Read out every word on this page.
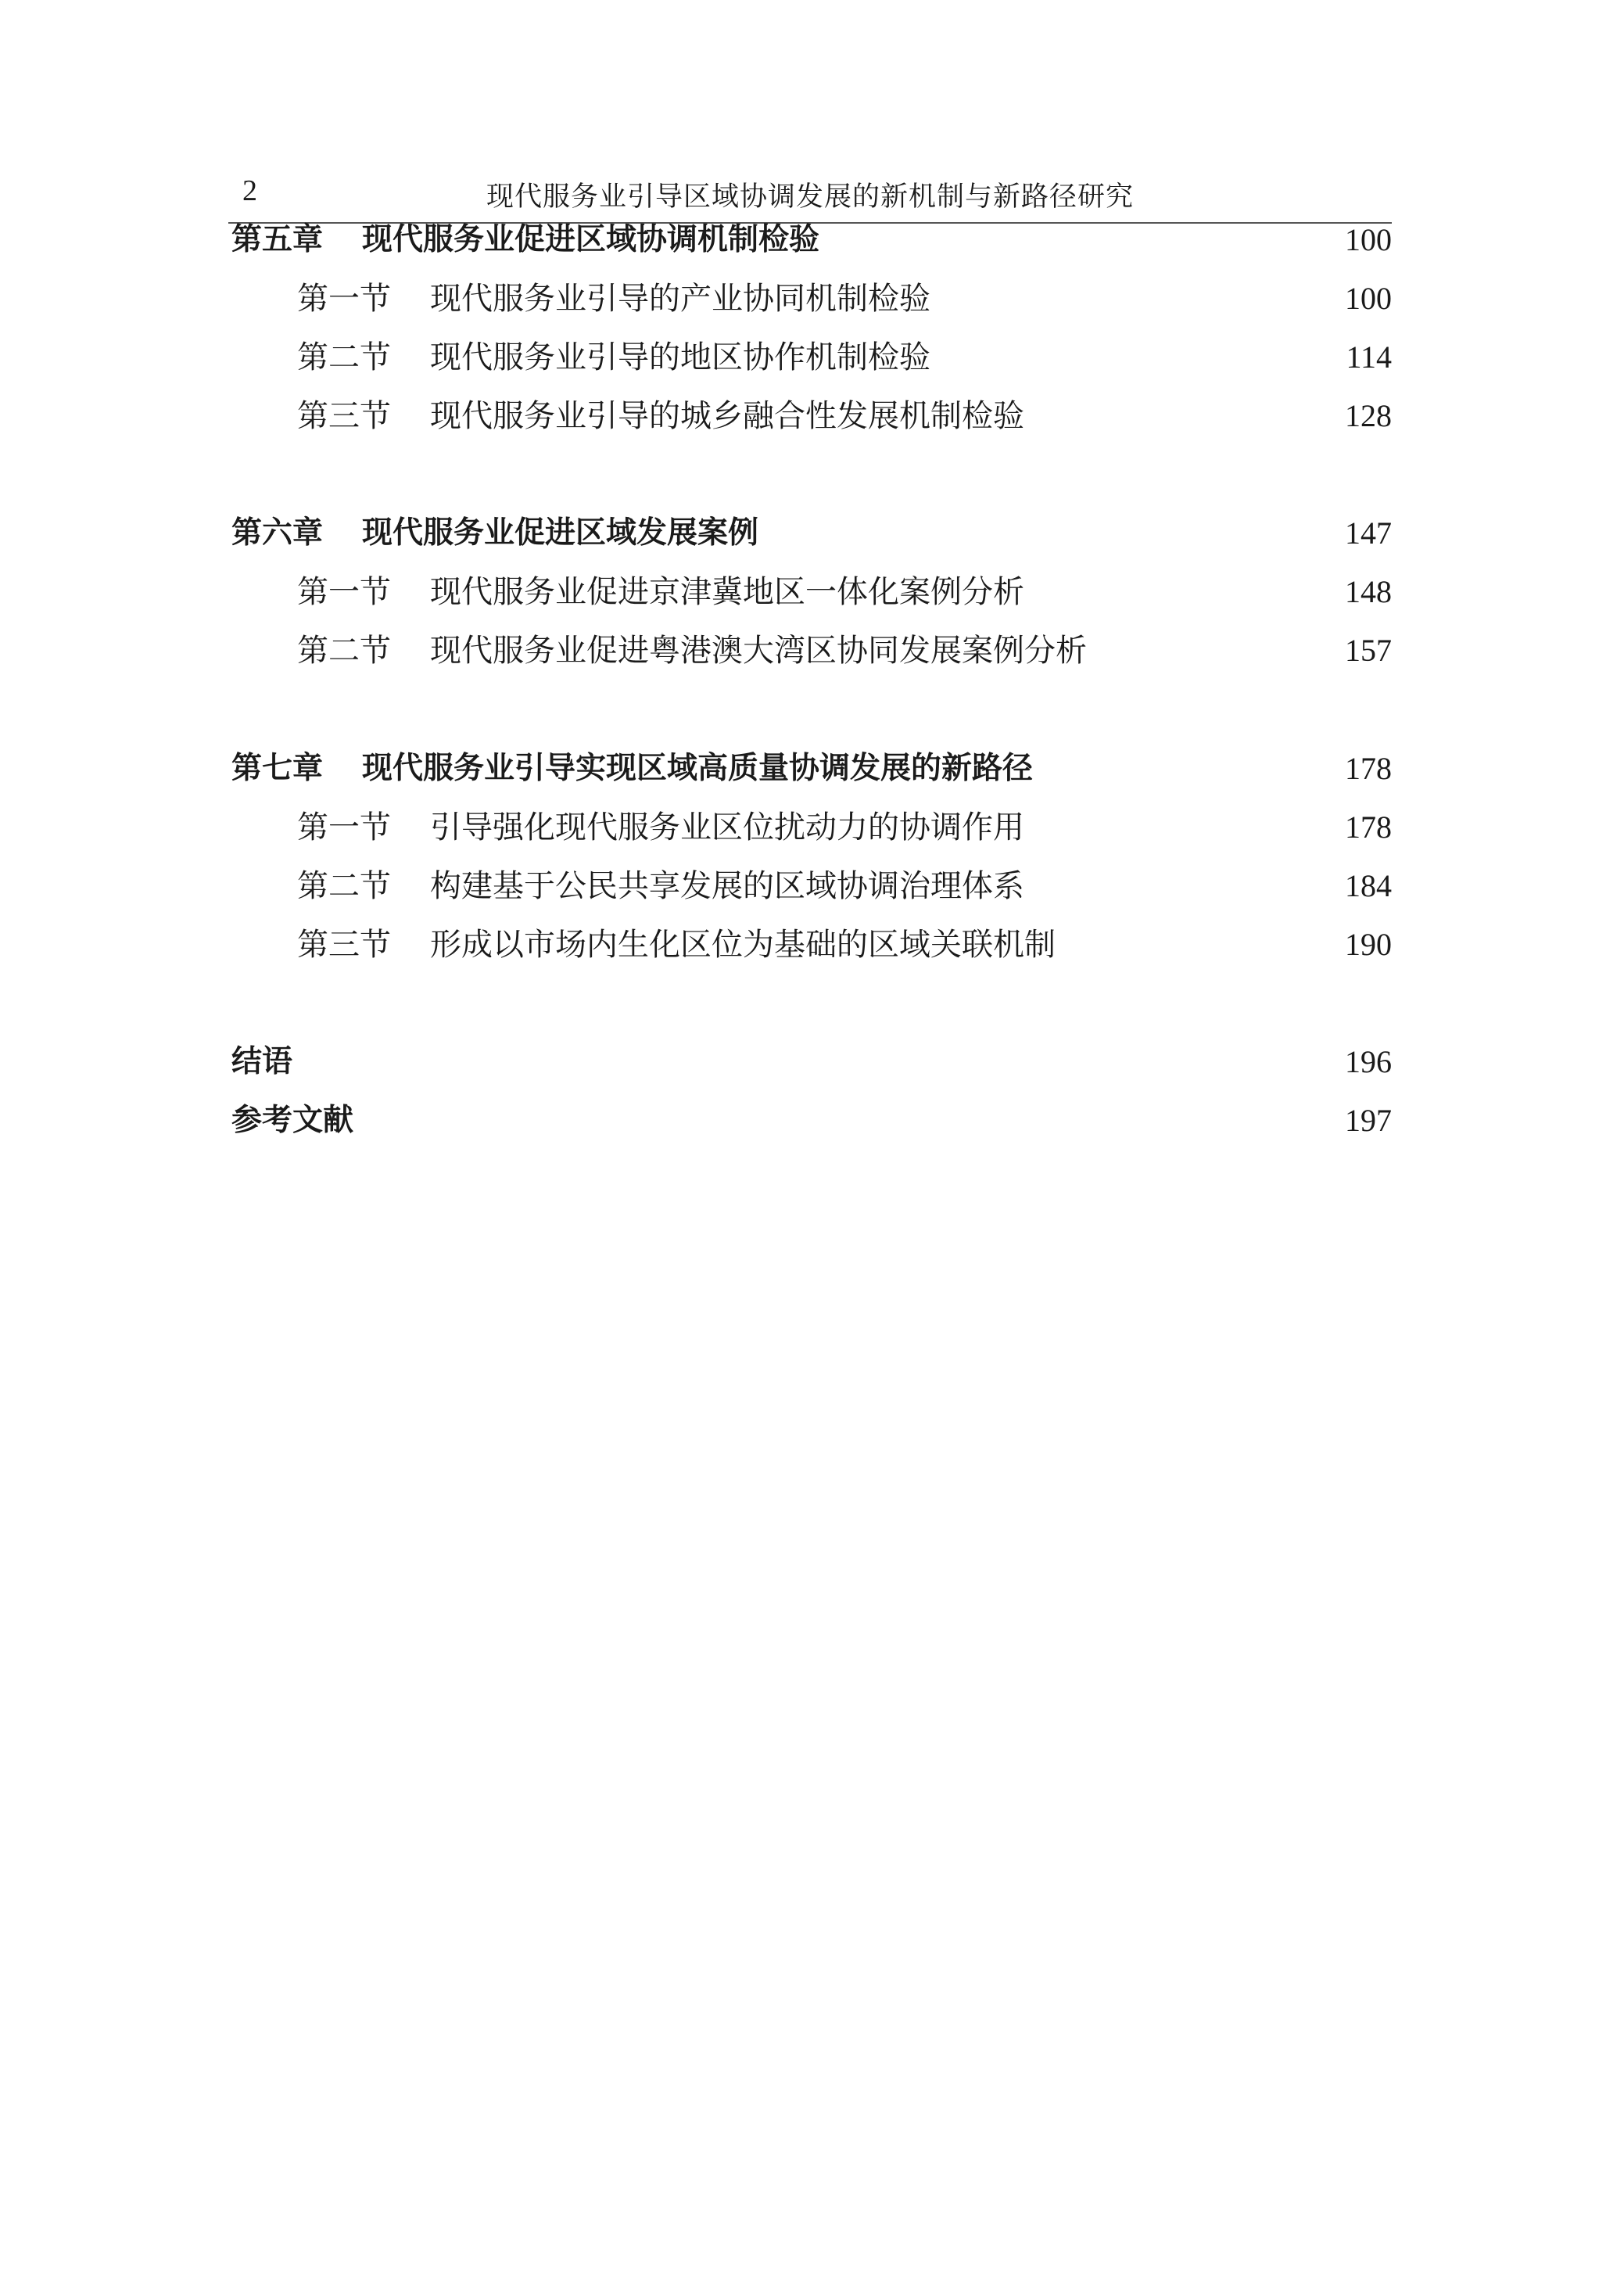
2	现代服务业引导区域协调发展的新机制与新路径研究
第五章 现代服务业促进区域协调机制检验	100
第一节 现代服务业引导的产业协同机制检验	100
第二节 现代服务业引导的地区协作机制检验	114
第三节 现代服务业引导的城乡融合性发展机制检验	128
第六章 现代服务业促进区域发展案例	147
第一节 现代服务业促进京津冀地区一体化案例分析	148
第二节 现代服务业促进粤港澳大湾区协同发展案例分析	157
第七章 现代服务业引导实现区域高质量协调发展的新路径	178
第一节 引导强化现代服务业区位扰动力的协调作用	178
第二节 构建基于公民共享发展的区域协调治理体系	184
第三节 形成以市场内生化区位为基础的区域关联机制	190
结语	196
参考文献	197
